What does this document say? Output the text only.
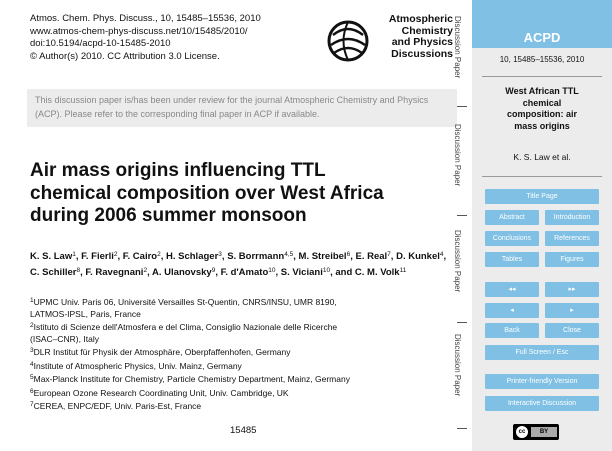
Atmos. Chem. Phys. Discuss., 10, 15485–15536, 2010
www.atmos-chem-phys-discuss.net/10/15485/2010/
doi:10.5194/acpd-10-15485-2010
© Author(s) 2010. CC Attribution 3.0 License.
Atmospheric
Chemistry
and Physics
Discussions
This discussion paper is/has been under review for the journal Atmospheric Chemistry and Physics (ACP). Please refer to the corresponding final paper in ACP if available.
Air mass origins influencing TTL
chemical composition over West Africa
during 2006 summer monsoon
K. S. Law$^1$, F. Fierli$^2$, F. Cairo$^2$, H. Schlager$^3$, S. Borrmann$^{4,5}$, M. Streibel$^6$, E. Real$^7$, D. Kunkel$^4$, C. Schiller$^8$, F. Ravegnani$^2$, A. Ulanovsky$^9$, F. d'Amato$^{10}$, S. Viciani$^{10}$, and C. M. Volk$^{11}$
$^1$UPMC Univ. Paris 06, Université Versailles St-Quentin, CNRS/INSU, UMR 8190,
LATMOS-IPSL, Paris, France
$^2$Istituto di Scienze dell'Atmosfera e del Clima, Consiglio Nazionale delle Ricerche
(ISAC–CNR), Italy
$^3$DLR Institut für Physik der Atmosphäre, Oberpfaffenhofen, Germany
$^4$Institute of Atmospheric Physics, Univ. Mainz, Germany
$^5$Max-Planck Institute for Chemistry, Particle Chemistry Department, Mainz, Germany
$^6$European Ozone Research Coordinating Unit, Univ. Cambridge, UK
$^7$CEREA, ENPC/EDF, Univ. Paris-Est, France
15485
Discussion Paper
Discussion Paper
Discussion Paper
Discussion Paper
ACPD
10, 15485–15536, 2010
West African TTL
chemical
composition: air
mass origins
K. S. Law et al.
Title Page
Abstract	Introduction
Conclusions	References
Tables	Figures
◂◂	▸▸
◂	▸
Back	Close
Full Screen / Esc
Printer-friendly Version
Interactive Discussion
cc	BY
